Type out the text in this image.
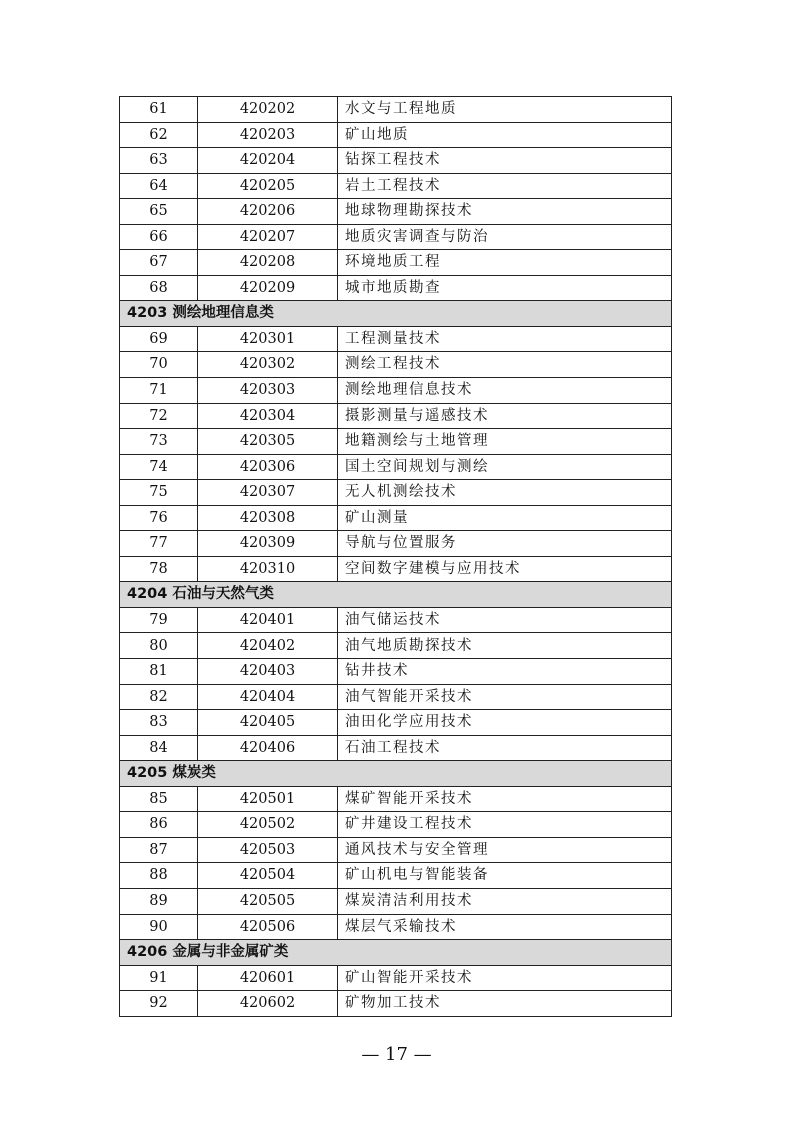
61	420202	水文与工程地质
62	420203	矿山地质
63	420204	钻探工程技术
64	420205	岩土工程技术
65	420206	地球物理勘探技术
66	420207	地质灾害调查与防治
67	420208	环境地质工程
68	420209	城市地质勘查
4203 测绘地理信息类		
69	420301	工程测量技术
70	420302	测绘工程技术
71	420303	测绘地理信息技术
72	420304	摄影测量与遥感技术
73	420305	地籍测绘与土地管理
74	420306	国土空间规划与测绘
75	420307	无人机测绘技术
76	420308	矿山测量
77	420309	导航与位置服务
78	420310	空间数字建模与应用技术
4204 石油与天然气类		
79	420401	油气储运技术
80	420402	油气地质勘探技术
81	420403	钻井技术
82	420404	油气智能开采技术
83	420405	油田化学应用技术
84	420406	石油工程技术
4205 煤炭类		
85	420501	煤矿智能开采技术
86	420502	矿井建设工程技术
87	420503	通风技术与安全管理
88	420504	矿山机电与智能装备
89	420505	煤炭清洁利用技术
90	420506	煤层气采输技术
4206 金属与非金属矿类		
91	420601	矿山智能开采技术
92	420602	矿物加工技术
— 17 —
